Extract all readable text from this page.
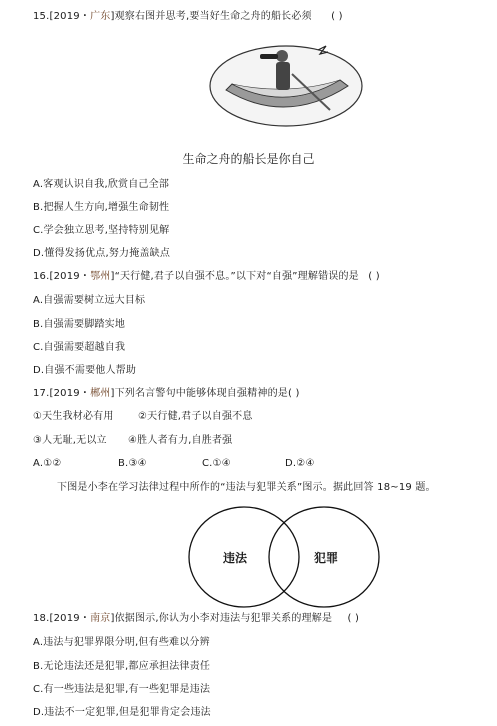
15.[2019・广东]观察右图并思考,要当好生命之舟的船长必须 ( )
生命之舟的船长是你自己
A.客观认识自我,欣赏自己全部
B.把握人生方向,增强生命韧性
C.学会独立思考,坚持特别见解
D.懂得发扬优点,努力掩盖缺点
16.[2019・鄂州]“天行健,君子以自强不息。”以下对“自强”理解错误的是 ( )
A.自强需要树立远大目标
B.自强需要脚踏实地
C.自强需要超越自我
D.自强不需要他人帮助
17.[2019・郴州]下列名言警句中能够体现自强精神的是( )
①天生我材必有用 ②天行健,君子以自强不息
③人无耻,无以立 ④胜人者有力,自胜者强
A.①②	B.③④	C.①④	D.②④
下图是小李在学习法律过程中所作的“违法与犯罪关系”图示。据此回答 18~19 题。
违法	犯罪
18.[2019・南京]依据图示,你认为小李对违法与犯罪关系的理解是 ( )
A.违法与犯罪界限分明,但有些难以分辨
B.无论违法还是犯罪,都应承担法律责任
C.有一些违法是犯罪,有一些犯罪是违法
D.违法不一定犯罪,但是犯罪肯定会违法
